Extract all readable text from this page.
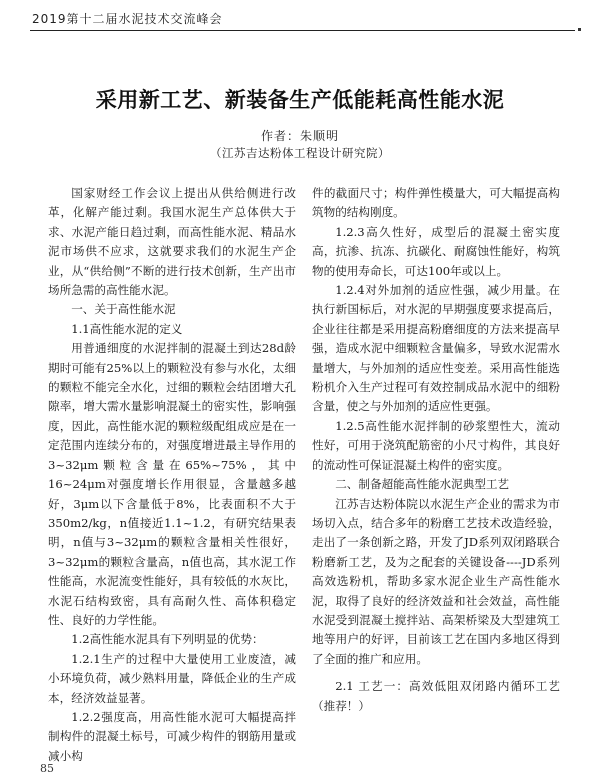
2019第十二届水泥技术交流峰会
采用新工艺、新装备生产低能耗高性能水泥
作者：朱顺明
（江苏吉达粉体工程设计研究院）

国家财经工作会议上提出从供给侧进行改革，化解产能过剩。我国水泥生产总体供大于求、水泥产能日趋过剩，而高性能水泥、精品水泥市场供不应求，这就要求我们的水泥生产企业，从“供给侧”不断的进行技术创新，生产出市场所急需的高性能水泥。

一、关于高性能水泥

1.1高性能水泥的定义

用普通细度的水泥拌制的混凝土到达28d龄期时可能有25%以上的颗粒没有参与水化，太细的颗粒不能完全水化，过细的颗粒会结团增大孔隙率，增大需水量影响混凝土的密实性，影响强度，因此，高性能水泥的颗粒级配组成应是在一定范围内连续分布的，对强度增进最主导作用的3~32μm颗粒含量在65%~75%，其中16~24μm对强度增长作用很显，含量越多越好，3μm以下含量低于8%，比表面积不大于350m2/kg，n值接近1.1~1.2，有研究结果表明，n值与3~32μm的颗粒含量相关性很好，3~32μm的颗粒含量高，n值也高，其水泥工作性能高，水泥流变性能好，具有较低的水灰比，水泥石结构致密，具有高耐久性、高体积稳定性、良好的力学性能。

1.2高性能水泥具有下列明显的优势：

1.2.1生产的过程中大量使用工业废渣，减小环境负荷，减少熟料用量，降低企业的生产成本，经济效益显著。

1.2.2强度高，用高性能水泥可大幅提高拌制构件的混凝土标号，可减少构件的钢筋用量或减小构

件的截面尺寸；构件弹性模量大，可大幅提高构筑物的结构刚度。

1.2.3高久性好，成型后的混凝土密实度高，抗渗、抗冻、抗碳化、耐腐蚀性能好，构筑物的使用寿命长，可达100年或以上。

1.2.4对外加剂的适应性强，减少用量。在执行新国标后，对水泥的早期强度要求提高后，企业往往都是采用提高粉磨细度的方法来提高早强，造成水泥中细颗粒含量偏多，导致水泥需水量增大，与外加剂的适应性变差。采用高性能选粉机介入生产过程可有效控制成品水泥中的细粉含量，使之与外加剂的适应性更强。

1.2.5高性能水泥拌制的砂浆塑性大，流动性好，可用于浇筑配筋密的小尺寸构件，其良好的流动性可保证混凝土构件的密实度。

二、制备超能高性能水泥典型工艺

江苏吉达粉体院以水泥生产企业的需求为市场切入点，结合多年的粉磨工艺技术改造经验，走出了一条创新之路，开发了JD系列双闭路联合粉磨新工艺，及为之配套的关键设备----JD系列高效选粉机，帮助多家水泥企业生产高性能水泥，取得了良好的经济效益和社会效益，高性能水泥受到混凝土搅拌站、高架桥梁及大型建筑工地等用户的好评，目前该工艺在国内多地区得到了全面的推广和应用。

2.1 工艺一：高效低阻双闭路内循环工艺（推荐！）

85
